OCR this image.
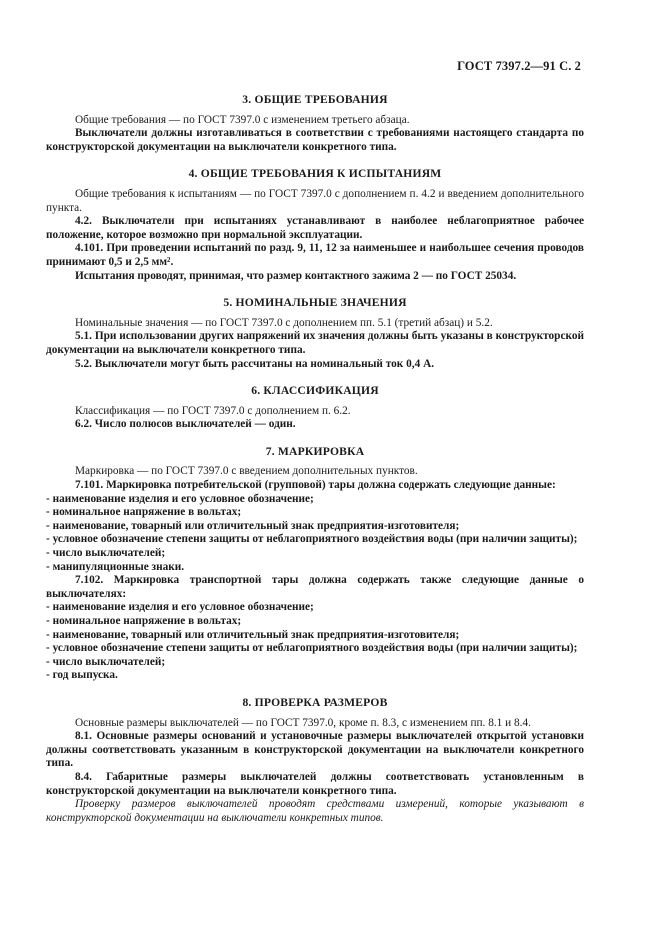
ГОСТ 7397.2—91 С. 2
3. ОБЩИЕ ТРЕБОВАНИЯ

Общие требования — по ГОСТ 7397.0 с изменением третьего абзаца.

Выключатели должны изготавливаться в соответствии с требованиями настоящего стандарта по конструкторской документации на выключатели конкретного типа.

4. ОБЩИЕ ТРЕБОВАНИЯ К ИСПЫТАНИЯМ

Общие требования к испытаниям — по ГОСТ 7397.0 с дополнением п. 4.2 и введением дополнительного пункта.

4.2. Выключатели при испытаниях устанавливают в наиболее неблагоприятное рабочее положение, которое возможно при нормальной эксплуатации.

4.101. При проведении испытаний по разд. 9, 11, 12 за наименьшее и наибольшее сечения проводов принимают 0,5 и 2,5 мм².

Испытания проводят, принимая, что размер контактного зажима 2 — по ГОСТ 25034.

5. НОМИНАЛЬНЫЕ ЗНАЧЕНИЯ

Номинальные значения — по ГОСТ 7397.0 с дополнением пп. 5.1 (третий абзац) и 5.2.

5.1. При использовании других напряжений их значения должны быть указаны в конструкторской документации на выключатели конкретного типа.

5.2. Выключатели могут быть рассчитаны на номинальный ток 0,4 А.

6. КЛАССИФИКАЦИЯ

Классификация — по ГОСТ 7397.0 с дополнением п. 6.2.

6.2. Число полюсов выключателей — один.

7. МАРКИРОВКА

Маркировка — по ГОСТ 7397.0 с введением дополнительных пунктов.

7.101. Маркировка потребительской (групповой) тары должна содержать следующие данные:

- наименование изделия и его условное обозначение;

- номинальное напряжение в вольтах;

- наименование, товарный или отличительный знак предприятия-изготовителя;

- условное обозначение степени защиты от неблагоприятного воздействия воды (при наличии защиты);

- число выключателей;

- манипуляционные знаки.

7.102. Маркировка транспортной тары должна содержать также следующие данные о выключателях:

- наименование изделия и его условное обозначение;

- номинальное напряжение в вольтах;

- наименование, товарный или отличительный знак предприятия-изготовителя;

- условное обозначение степени защиты от неблагоприятного воздействия воды (при наличии защиты);

- число выключателей;

- год выпуска.

8. ПРОВЕРКА РАЗМЕРОВ

Основные размеры выключателей — по ГОСТ 7397.0, кроме п. 8.3, с изменением пп. 8.1 и 8.4.

8.1. Основные размеры оснований и установочные размеры выключателей открытой установки должны соответствовать указанным в конструкторской документации на выключатели конкретного типа.

8.4. Габаритные размеры выключателей должны соответствовать установленным в конструкторской документации на выключатели конкретного типа.

Проверку размеров выключателей проводят средствами измерений, которые указывают в конструкторской документации на выключатели конкретных типов.
